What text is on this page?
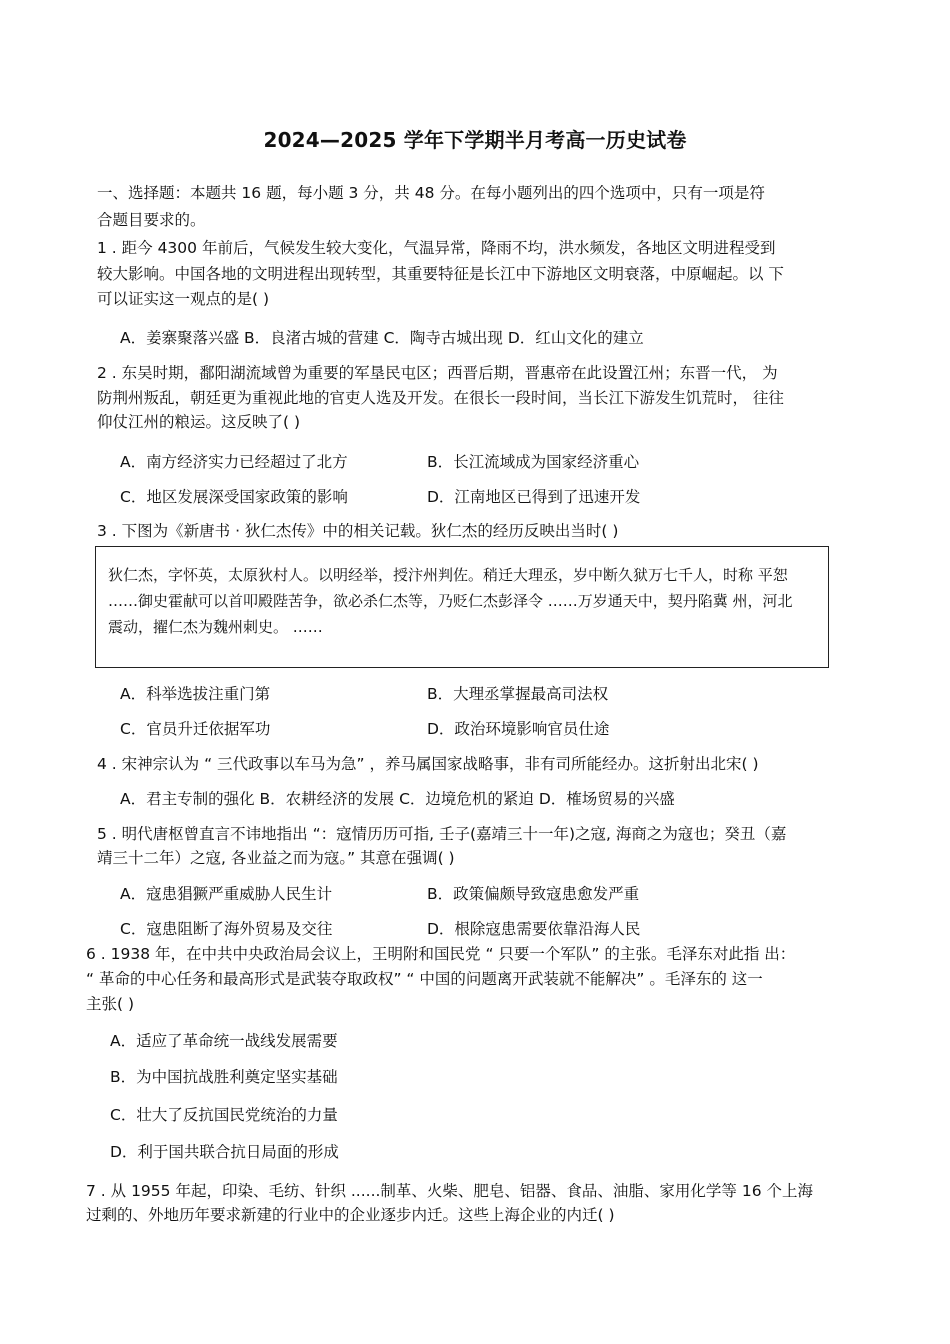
2024—2025 学年下学期半月考高一历史试卷
一、选择题：本题共 16 题，每小题 3 分，共 48 分。在每小题列出的四个选项中，只有一项是符
合题目要求的。
1 . 距今 4300 年前后，气候发生较大变化，气温异常，降雨不均，洪水频发，各地区文明进程受到
较大影响。中国各地的文明进程出现转型，其重要特征是长江中下游地区文明衰落，中原崛起。以 下
可以证实这一观点的是( )
A．姜寨聚落兴盛 B．良渚古城的营建 C．陶寺古城出现 D．红山文化的建立
2 . 东吴时期，鄱阳湖流域曾为重要的军垦民屯区；西晋后期，晋惠帝在此设置江州；东晋一代， 为
防荆州叛乱，朝廷更为重视此地的官吏人选及开发。在很长一段时间，当长江下游发生饥荒时， 往往
仰仗江州的粮运。这反映了( )
A．南方经济实力已经超过了北方	B．长江流域成为国家经济重心
C．地区发展深受国家政策的影响	D．江南地区已得到了迅速开发
3 . 下图为《新唐书 · 狄仁杰传》中的相关记载。狄仁杰的经历反映出当时( )
狄仁杰，字怀英，太原狄村人。以明经举，授汴州判佐。稍迁大理丞，岁中断久狱万七千人，时称 平恕
……御史霍献可以首叩殿陛苦争，欲必杀仁杰等，乃贬仁杰彭泽令 ……万岁通天中，契丹陷冀 州，河北
震动，擢仁杰为魏州刺史。 ……
A．科举选拔注重门第	B．大理丞掌握最高司法权
C．官员升迁依据军功	D．政治环境影响官员仕途
4 . 宋神宗认为 “ 三代政事以车马为急” ，养马属国家战略事，非有司所能经办。这折射出北宋( )
A．君主专制的强化 B．农耕经济的发展 C．边境危机的紧迫 D．榷场贸易的兴盛
5 . 明代唐枢曾直言不讳地指出 “：寇情历历可指, 壬子(嘉靖三十一年)之寇, 海商之为寇也；癸丑（嘉
靖三十二年）之寇, 各业益之而为寇。” 其意在强调( )
A．寇患猖獗严重威胁人民生计	B．政策偏颇导致寇患愈发严重
C．寇患阻断了海外贸易及交往	D．根除寇患需要依靠沿海人民
6 . 1938 年，在中共中央政治局会议上，王明附和国民党 “ 只要一个军队” 的主张。毛泽东对此指 出：
“ 革命的中心任务和最高形式是武装夺取政权” “ 中国的问题离开武装就不能解决” 。毛泽东的 这一
主张( )
A．适应了革命统一战线发展需要
B．为中国抗战胜利奠定坚实基础
C．壮大了反抗国民党统治的力量
D．利于国共联合抗日局面的形成
7 . 从 1955 年起，印染、毛纺、针织 ......制革、火柴、肥皂、铝器、食品、油脂、家用化学等 16 个上海
过剩的、外地历年要求新建的行业中的企业逐步内迁。这些上海企业的内迁( )
